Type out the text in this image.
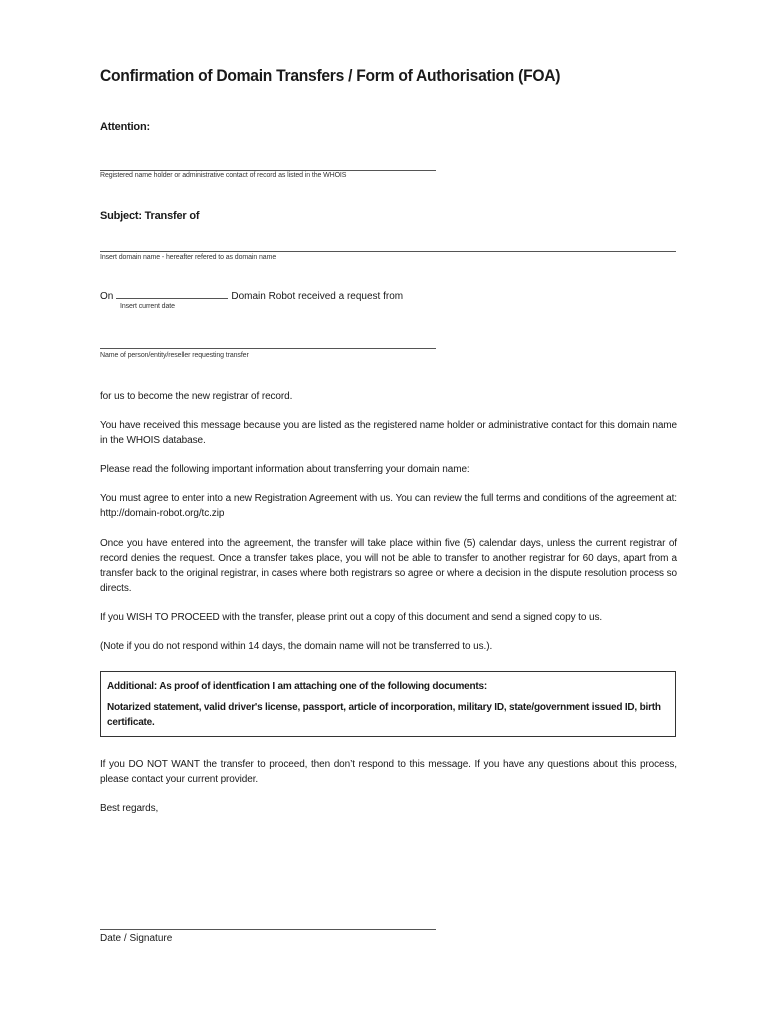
Confirmation of Domain Transfers / Form of Authorisation (FOA)
Attention:
Registered name holder or administrative contact of record as listed in the WHOIS
Subject: Transfer of
Insert domain name - hereafter refered to as domain name
On	Domain Robot received a request from
Insert current date
Name of person/entity/reseller requesting transfer
for us to become the new registrar of record.
You have received this message because you are listed as the registered name holder or administrative contact for this domain name in the WHOIS database.
Please read the following important information about transferring your domain name:
You must agree to enter into a new Registration Agreement with us. You can review the full terms and conditions of the agreement at: http://domain-robot.org/tc.zip
Once you have entered into the agreement, the transfer will take place within five (5) calendar days, unless the current registrar of record denies the request. Once a transfer takes place, you will not be able to transfer to another registrar for 60 days, apart from a transfer back to the original registrar, in cases where both registrars so agree or where a decision in the dispute resolution process so directs.
If you WISH TO PROCEED with the transfer, please print out a copy of this document and send a signed copy to us.
(Note if you do not respond within 14 days, the domain name will not be transferred to us.).

Additional: As proof of identfication I am attaching one of the following documents:

Notarized statement, valid driver's license, passport, article of incorporation, military ID, state/government issued ID, birth certificate.

If you DO NOT WANT the transfer to proceed, then don’t respond to this message. If you have any questions about this process, please contact your current provider.
Best regards,
Date / Signature
